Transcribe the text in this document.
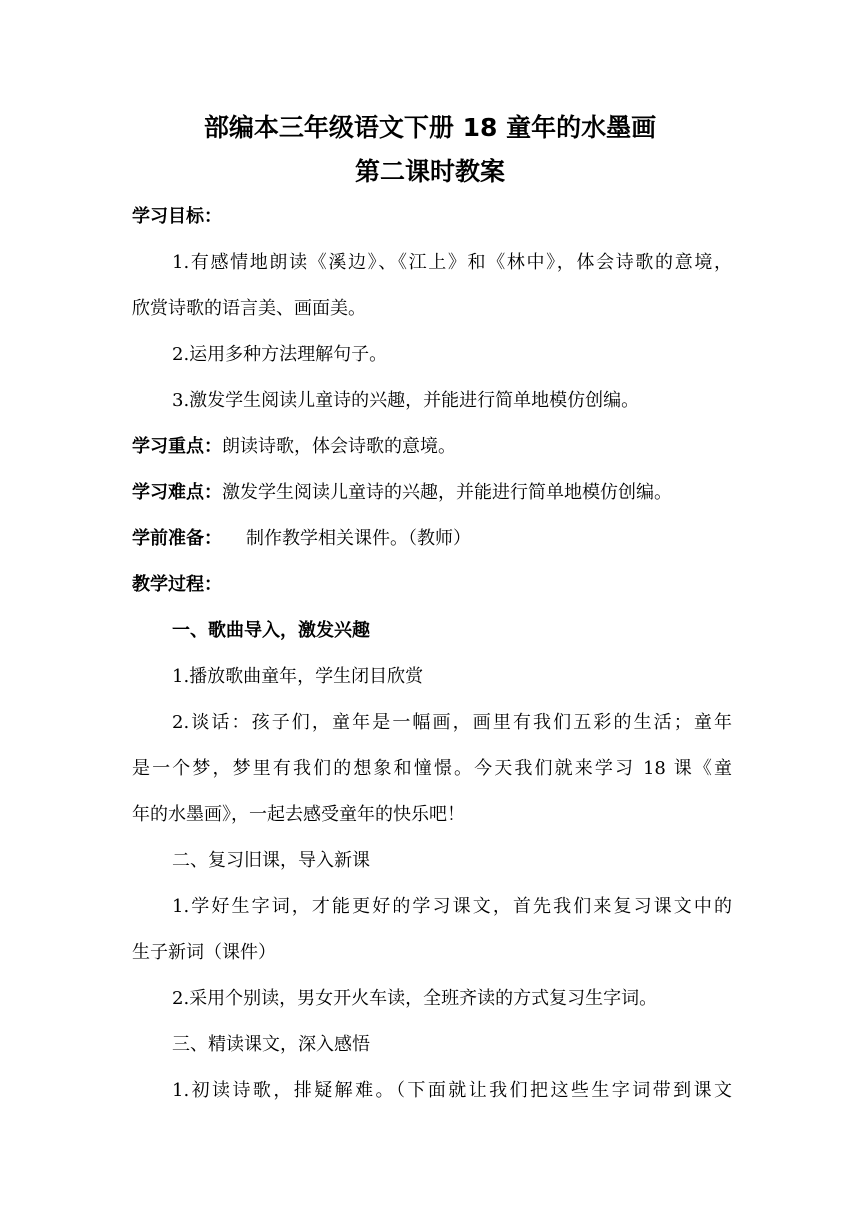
部编本三年级语文下册 18 童年的水墨画
第二课时教案
学习目标：
1.有感情地朗读《溪边》、《江上》和《林中》，体会诗歌的意境，
欣赏诗歌的语言美、画面美。
2.运用多种方法理解句子。
3.激发学生阅读儿童诗的兴趣，并能进行简单地模仿创编。
学习重点：朗读诗歌，体会诗歌的意境。
学习难点：激发学生阅读儿童诗的兴趣，并能进行简单地模仿创编。
学前准备： 制作教学相关课件。（教师）
教学过程：
一、歌曲导入，激发兴趣
1.播放歌曲童年，学生闭目欣赏
2.谈话：孩子们，童年是一幅画，画里有我们五彩的生活；童年
是一个梦，梦里有我们的想象和憧憬。今天我们就来学习 18 课《童
年的水墨画》，一起去感受童年的快乐吧！
二、复习旧课，导入新课
1.学好生字词，才能更好的学习课文，首先我们来复习课文中的
生子新词（课件）
2.采用个别读，男女开火车读，全班齐读的方式复习生字词。
三、精读课文，深入感悟
1.初读诗歌，排疑解难。（下面就让我们把这些生字词带到课文
